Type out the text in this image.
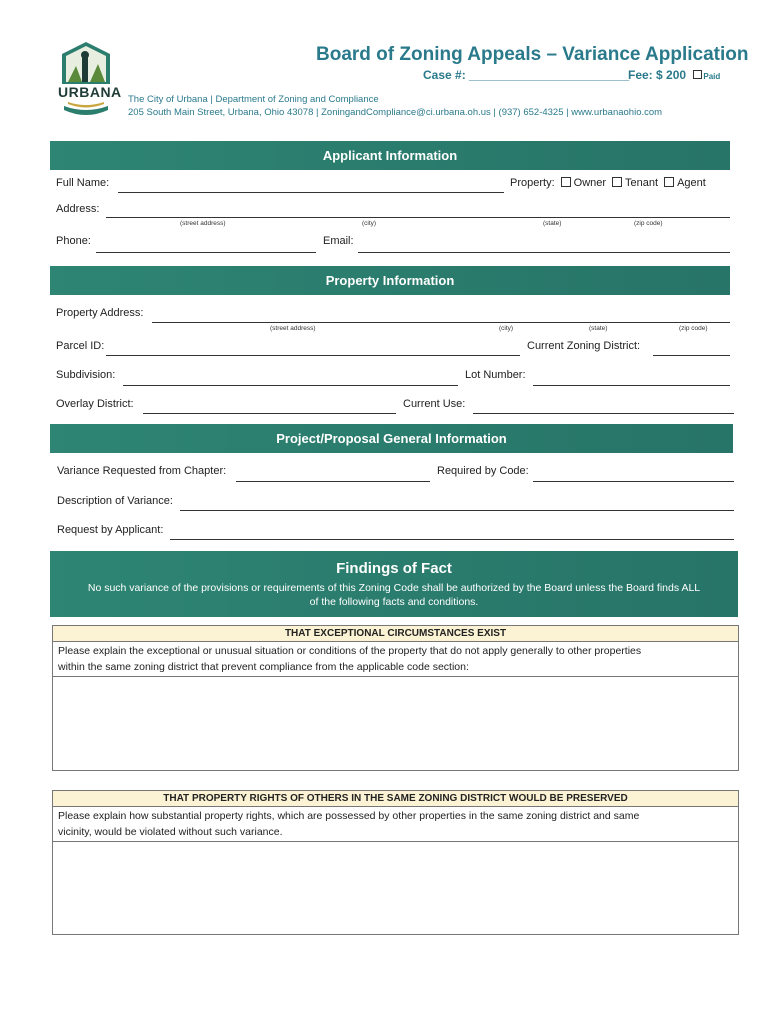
URBANA
Board of Zoning Appeals – Variance Application
Case #: ________________________
Fee: $ 200 Paid
The City of Urbana | Department of Zoning and Compliance
205 South Main Street, Urbana, Ohio 43078 | ZoningandCompliance@ci.urbana.oh.us | (937) 652-4325 | www.urbanaohio.com
Applicant Information
Full Name:	Property: Owner Tenant Agent
Address:
(street address)	(city)	(state)	(zip code)
Phone:	Email:
Property Information
Property Address:
(street address)	(city)	(state)	(zip code)
Parcel ID:	Current Zoning District:
Subdivision:	Lot Number:
Overlay District:	Current Use:
Project/Proposal General Information
Variance Requested from Chapter:	Required by Code:
Description of Variance:
Request by Applicant:
Findings of Fact
No such variance of the provisions or requirements of this Zoning Code shall be authorized by the Board unless the Board finds ALL
of the following facts and conditions.
THAT EXCEPTIONAL CIRCUMSTANCES EXIST
Please explain the exceptional or unusual situation or conditions of the property that do not apply generally to other properties
within the same zoning district that prevent compliance from the applicable code section:
THAT PROPERTY RIGHTS OF OTHERS IN THE SAME ZONING DISTRICT WOULD BE PRESERVED
Please explain how substantial property rights, which are possessed by other properties in the same zoning district and same
vicinity, would be violated without such variance.
